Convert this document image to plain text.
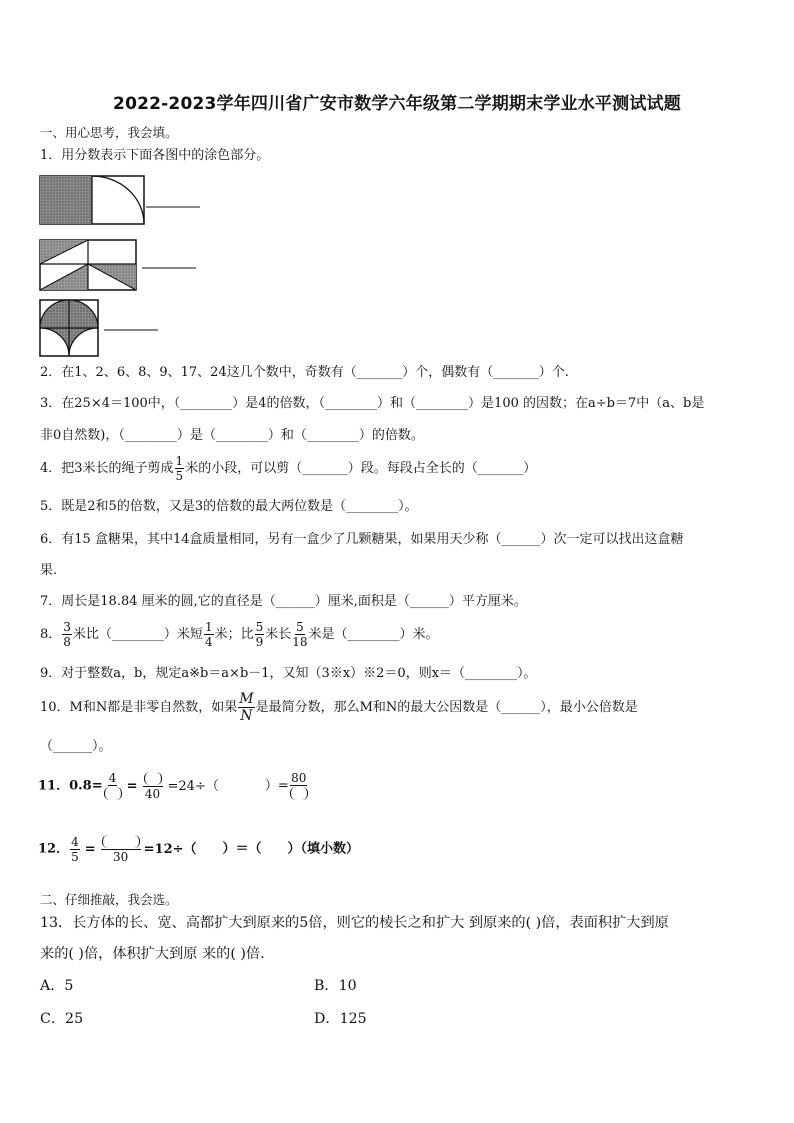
2022-2023学年四川省广安市数学六年级第二学期期末学业水平测试试题
一、用心思考，我会填。
1．用分数表示下面各图中的涂色部分。
2．在1、2、6、8、9、17、24这几个数中，奇数有（_______）个，偶数有（_______）个.
3．在25×4＝100中，（________）是4的倍数，（________）和（________）是100 的因数；在a÷b＝7中（a、b是
非0自然数)，（________）是（________）和（________）的倍数。
4．把3米长的绳子剪成 $\frac{1}{5}$ 米的小段，可以剪（_______）段。每段占全长的（_______）
5．既是2和5的倍数，又是3的倍数的最大两位数是（________）。
6．有15 盒糖果，其中14盒质量相同，另有一盒少了几颗糖果，如果用天少称（______）次一定可以找出这盒糖
果.
7．周长是18.84 厘米的圆,它的直径是（______）厘米,面积是（______）平方厘米。
8． $\frac{3}{8}$ 米比（________）米短 $\frac{1}{4}$ 米；比 $\frac{5}{9}$ 米长 $\frac{5}{18}$ 米是（________）米。
9．对于整数a，b，规定a※b＝a×b－1，又知（3※x）※2＝0，则x＝（________）。
10．M和N都是非零自然数，如果 $\frac{M}{N}$ 是最简分数，那么M和N的最大公因数是（______），最小公倍数是
（______）。
11．0.8=
4
=
40
=24÷（	）=
80
12． $\frac{4}{5}$ =
30
=12÷（ ）＝（　　）（填小数）
二、仔细推敲，我会选。
13．长方体的长、宽、高都扩大到原来的5倍，则它的棱长之和扩大 到原来的( )倍，表面积扩大到原
来的( )倍，体积扩大到原 来的( )倍.
A．5	B．10
C．25	D．125
